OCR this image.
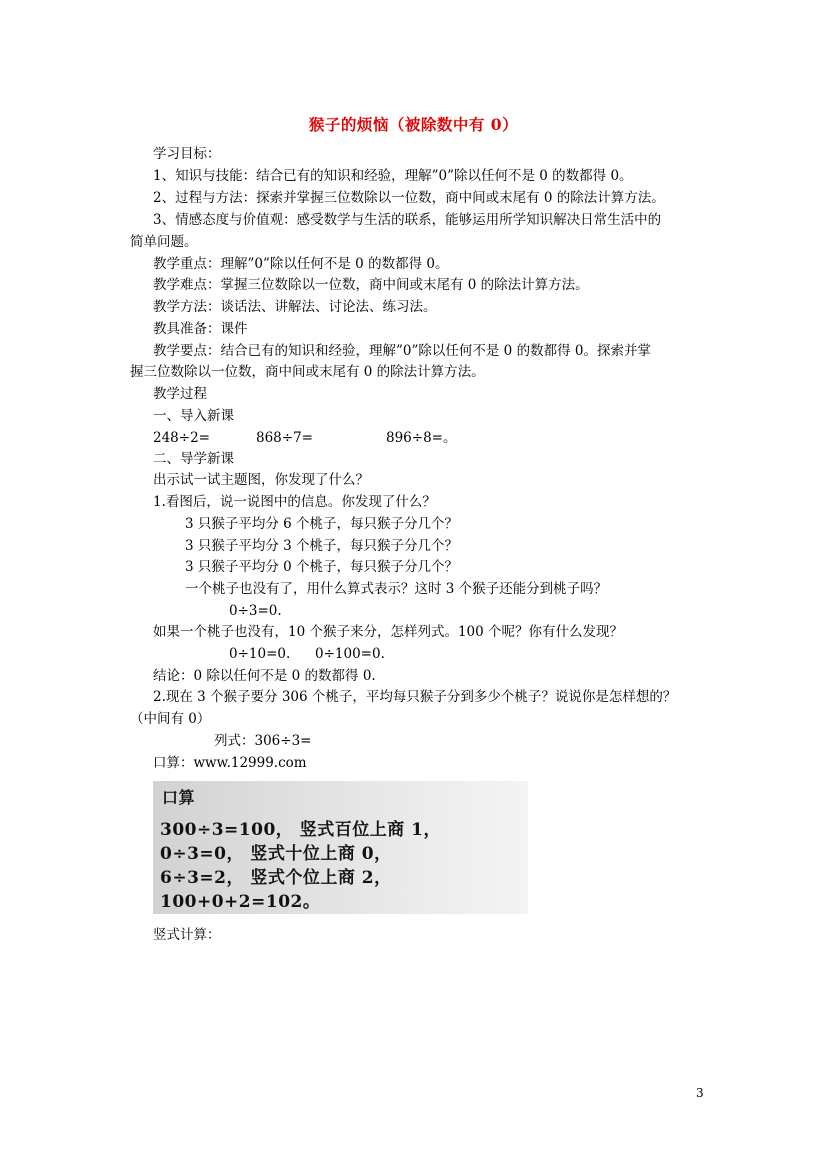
猴子的烦恼（被除数中有 0）
学习目标：
1、知识与技能：结合已有的知识和经验，理解”0”除以任何不是 0 的数都得 0。
2、过程与方法：探索并掌握三位数除以一位数，商中间或末尾有 0 的除法计算方法。
3、情感态度与价值观：感受数学与生活的联系，能够运用所学知识解决日常生活中的
简单问题。
教学重点：理解”0”除以任何不是 0 的数都得 0。
教学难点：掌握三位数除以一位数，商中间或末尾有 0 的除法计算方法。
教学方法：谈话法、讲解法、讨论法、练习法。
教具准备：课件
教学要点：结合已有的知识和经验，理解”0”除以任何不是 0 的数都得 0。探索并掌
握三位数除以一位数，商中间或末尾有 0 的除法计算方法。
教学过程
一、导入新课
248÷2=	868÷7=	896÷8=。
二、导学新课
出示试一试主题图，你发现了什么？
1.看图后，说一说图中的信息。你发现了什么？
3 只猴子平均分 6 个桃子，每只猴子分几个？
3 只猴子平均分 3 个桃子，每只猴子分几个？
3 只猴子平均分 0 个桃子，每只猴子分几个？
一个桃子也没有了，用什么算式表示？这时 3 个猴子还能分到桃子吗？
0÷3=0.
如果一个桃子也没有，10 个猴子来分，怎样列式。100 个呢？你有什么发现？
0÷10=0. 0÷100=0.
结论：0 除以任何不是 0 的数都得 0.
2.现在 3 个猴子要分 306 个桃子，平均每只猴子分到多少个桃子？说说你是怎样想的？
（中间有 0）
列式：306÷3=
口算：www.12999.com
口算
300÷3=100， 竖式百位上商 1，
0÷3=0， 竖式十位上商 0，
6÷3=2， 竖式个位上商 2，
100+0+2=102。
竖式计算：
3
